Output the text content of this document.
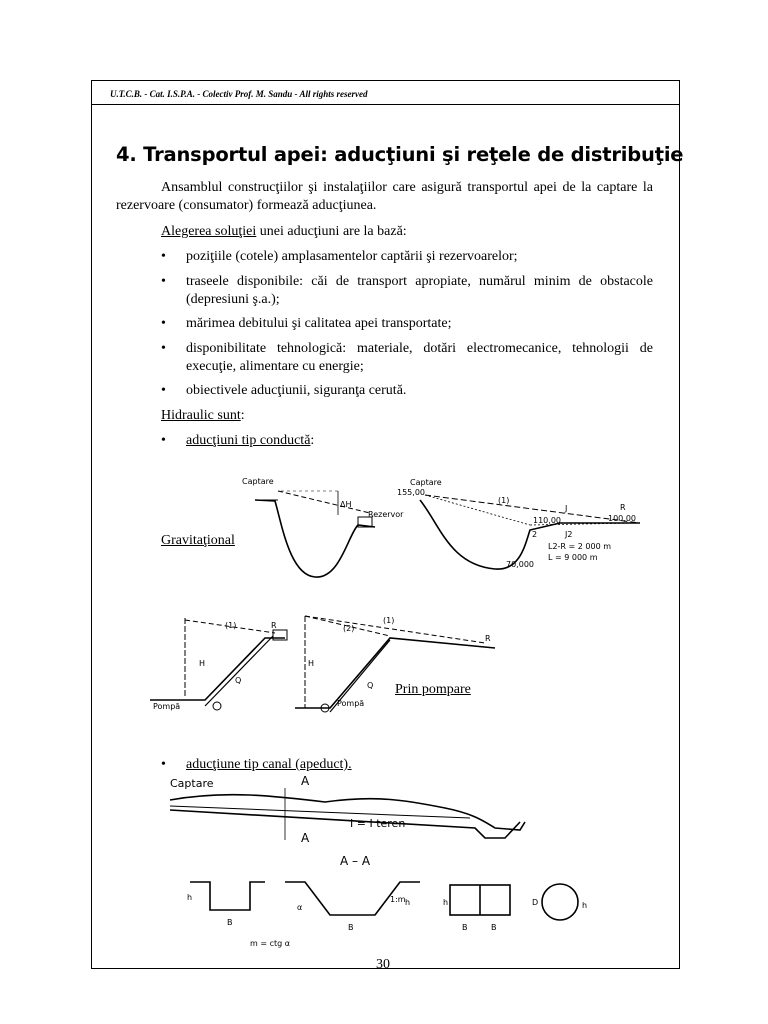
U.T.C.B. - Cat. I.S.P.A. - Colectiv Prof. M. Sandu - All rights reserved
4. Transportul apei: aducţiuni şi reţele de distribuţie
Ansamblul construcţiilor şi instalaţiilor care asigură transportul apei de la captare la rezervoare (consumator) formează aducţiunea.
Alegerea soluţiei unei aducţiuni are la bază:
• poziţiile (cotele) amplasamentelor captării şi rezervoarelor;
• traseele disponibile: căi de transport apropiate, numărul minim de obstacole (depresiuni ş.a.);
• mărimea debitului şi calitatea apei transportate;
• disponibilitate tehnologică: materiale, dotări electromecanice, tehnologii de execuţie, alimentare cu energie;
• obiectivele aducţiunii, siguranţa cerută.
Hidraulic sunt:
• aducţiuni tip conductă:
Gravitaţional
Captare
ΔH
Rezervor
Captare
155,00
(1)
J
110,00
R
100,00
2	J2
L2-R = 2 000 m
L = 9 000 m
70,000
(1)	R
H
Q
Pompă
(2)
(1)
R
H
Q
Pompă
Prin pompare
• aducţiune tip canal (apeduct).
Captare	A
A
I = I teren
A – A
h
B
α
1:m h
B
h
B	B
D	h
m = ctg α
30
